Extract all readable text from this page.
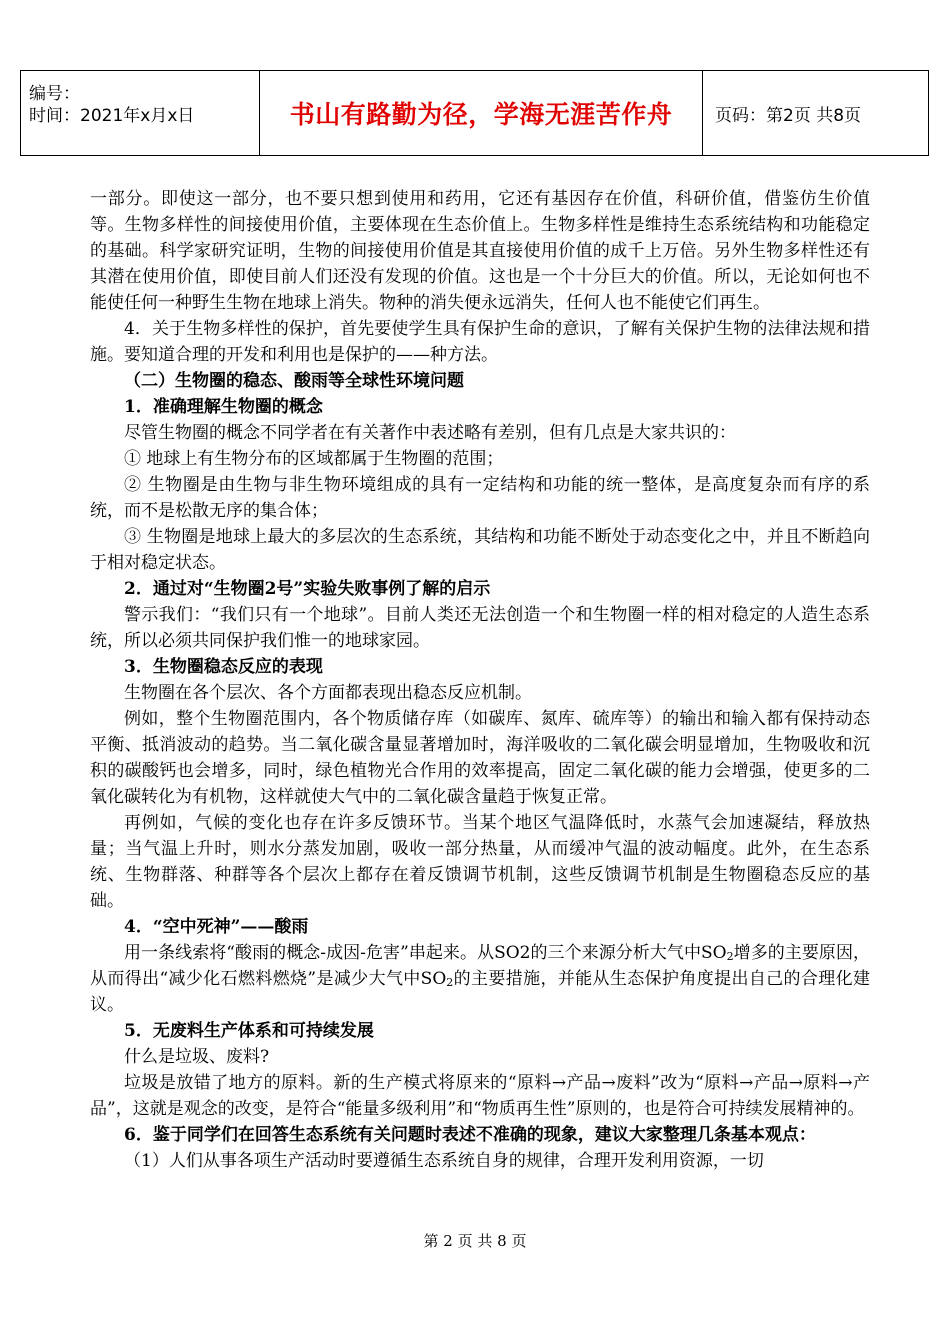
编号：
时间：2021年x月x日	书山有路勤为径，学海无涯苦作舟	页码：第2页 共8页

一部分。即使这一部分，也不要只想到使用和药用，它还有基因存在价值，科研价值，借鉴仿生价值等。生物多样性的间接使用价值，主要体现在生态价值上。生物多样性是维持生态系统结构和功能稳定的基础。科学家研究证明，生物的间接使用价值是其直接使用价值的成千上万倍。另外生物多样性还有其潜在使用价值，即使目前人们还没有发现的价值。这也是一个十分巨大的价值。所以，无论如何也不能使任何一种野生生物在地球上消失。物种的消失便永远消失，任何人也不能使它们再生。

4．关于生物多样性的保护，首先要使学生具有保护生命的意识，了解有关保护生物的法律法规和措施。要知道合理的开发和利用也是保护的——种方法。

（二）生物圈的稳态、酸雨等全球性环境问题

1．准确理解生物圈的概念

尽管生物圈的概念不同学者在有关著作中表述略有差别，但有几点是大家共识的：

① 地球上有生物分布的区域都属于生物圈的范围；

② 生物圈是由生物与非生物环境组成的具有一定结构和功能的统一整体，是高度复杂而有序的系统，而不是松散无序的集合体；

③ 生物圈是地球上最大的多层次的生态系统，其结构和功能不断处于动态变化之中，并且不断趋向于相对稳定状态。

2．通过对“生物圈2号”实验失败事例了解的启示

警示我们：“我们只有一个地球”。目前人类还无法创造一个和生物圈一样的相对稳定的人造生态系统，所以必须共同保护我们惟一的地球家园。

3．生物圈稳态反应的表现

生物圈在各个层次、各个方面都表现出稳态反应机制。

例如，整个生物圈范围内，各个物质储存库（如碳库、氮库、硫库等）的输出和输入都有保持动态平衡、抵消波动的趋势。当二氧化碳含量显著增加时，海洋吸收的二氧化碳会明显增加，生物吸收和沉积的碳酸钙也会增多，同时，绿色植物光合作用的效率提高，固定二氧化碳的能力会增强，使更多的二氧化碳转化为有机物，这样就使大气中的二氧化碳含量趋于恢复正常。

再例如，气候的变化也存在许多反馈环节。当某个地区气温降低时，水蒸气会加速凝结，释放热量；当气温上升时，则水分蒸发加剧，吸收一部分热量，从而缓冲气温的波动幅度。此外，在生态系统、生物群落、种群等各个层次上都存在着反馈调节机制，这些反馈调节机制是生物圈稳态反应的基础。

4．“空中死神”——酸雨

用一条线索将“酸雨的概念-成因-危害”串起来。从SO2的三个来源分析大气中$SO_2$增多的主要原因，从而得出“减少化石燃料燃烧”是减少大气中$SO_2$的主要措施，并能从生态保护角度提出自己的合理化建议。

5．无废料生产体系和可持续发展

什么是垃圾、废料?

垃圾是放错了地方的原料。新的生产模式将原来的“原料→产品→废料”改为“原料→产品→原料→产品”，这就是观念的改变，是符合“能量多级利用”和“物质再生性”原则的，也是符合可持续发展精神的。

6．鉴于同学们在回答生态系统有关问题时表述不准确的现象，建议大家整理几条基本观点：

（1）人们从事各项生产活动时要遵循生态系统自身的规律，合理开发利用资源，一切

第 2 页 共 8 页
